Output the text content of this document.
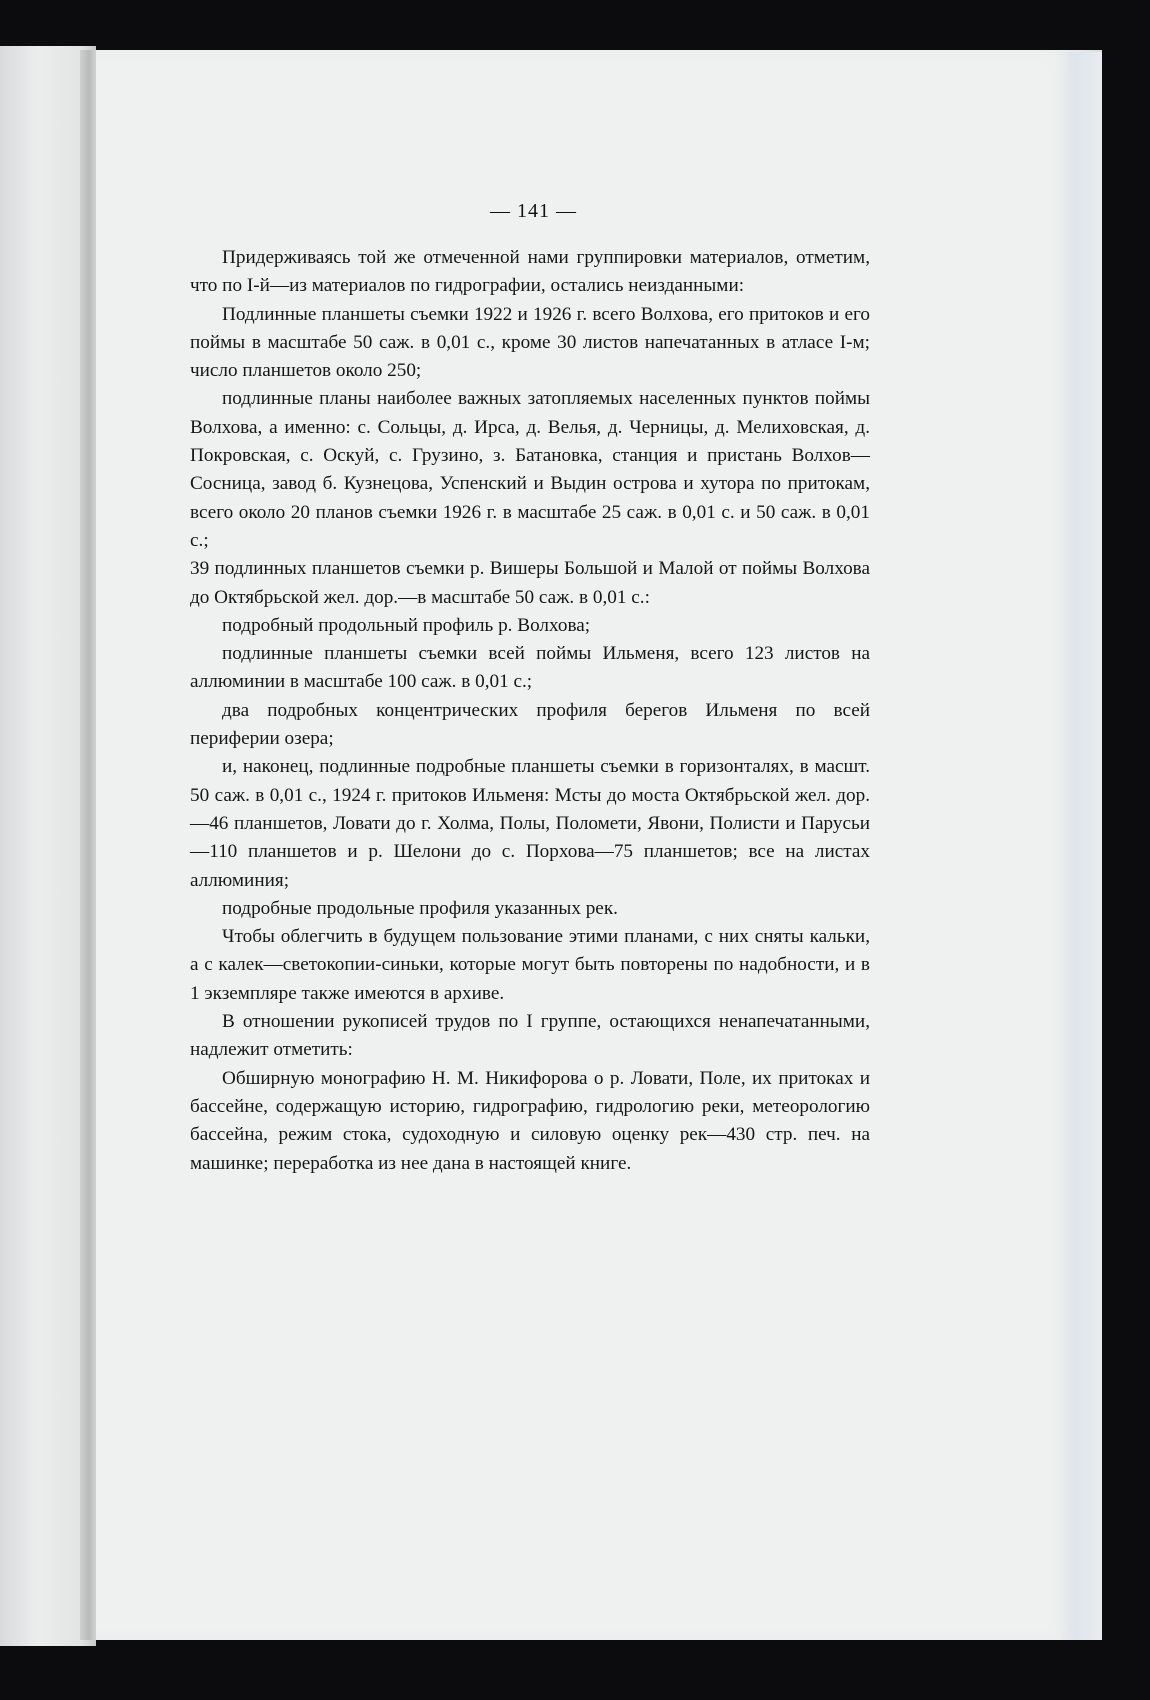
— 141 —

Придерживаясь той же отмеченной нами группировки материалов, отметим, что по I-й—из материалов по гидрографии, остались неизданными:

Подлинные планшеты съемки 1922 и 1926 г. всего Волхова, его притоков и его поймы в масштабе 50 саж. в 0,01 с., кроме 30 листов напечатанных в атласе I-м; число планшетов около 250;

подлинные планы наиболее важных затопляемых населенных пунктов поймы Волхова, а именно: с. Сольцы, д. Ирса, д. Велья, д. Черницы, д. Мелиховская, д. Покровская, с. Оскуй, с. Грузино, з. Батановка, станция и пристань Волхов—Сосница, завод б. Кузнецова, Успенский и Выдин острова и хутора по притокам, всего около 20 планов съемки 1926 г. в масштабе 25 саж. в 0,01 с. и 50 саж. в 0,01 с.;

39 подлинных планшетов съемки р. Вишеры Большой и Малой от поймы Волхова до Октябрьской жел. дор.—в масштабе 50 саж. в 0,01 с.:

подробный продольный профиль р. Волхова;

подлинные планшеты съемки всей поймы Ильменя, всего 123 листов на аллюминии в масштабе 100 саж. в 0,01 с.;

два подробных концентрических профиля берегов Ильменя по всей периферии озера;

и, наконец, подлинные подробные планшеты съемки в горизонталях, в масшт. 50 саж. в 0,01 с., 1924 г. притоков Ильменя: Мсты до моста Октябрьской жел. дор.—46 планшетов, Ловати до г. Холма, Полы, Поломети, Явони, Полисти и Парусьи—110 планшетов и р. Шелони до с. Порхова—75 планшетов; все на листах аллюминия;

подробные продольные профиля указанных рек.

Чтобы облегчить в будущем пользование этими планами, с них сняты кальки, а с калек—светокопии-синьки, которые могут быть повторены по надобности, и в 1 экземпляре также имеются в архиве.

В отношении рукописей трудов по I группе, остающихся ненапечатанными, надлежит отметить:

Обширную монографию Н. М. Никифорова о р. Ловати, Поле, их притоках и бассейне, содержащую историю, гидрографию, гидрологию реки, метеорологию бассейна, режим стока, судоходную и силовую оценку рек—430 стр. печ. на машинке; переработка из нее дана в настоящей книге.
